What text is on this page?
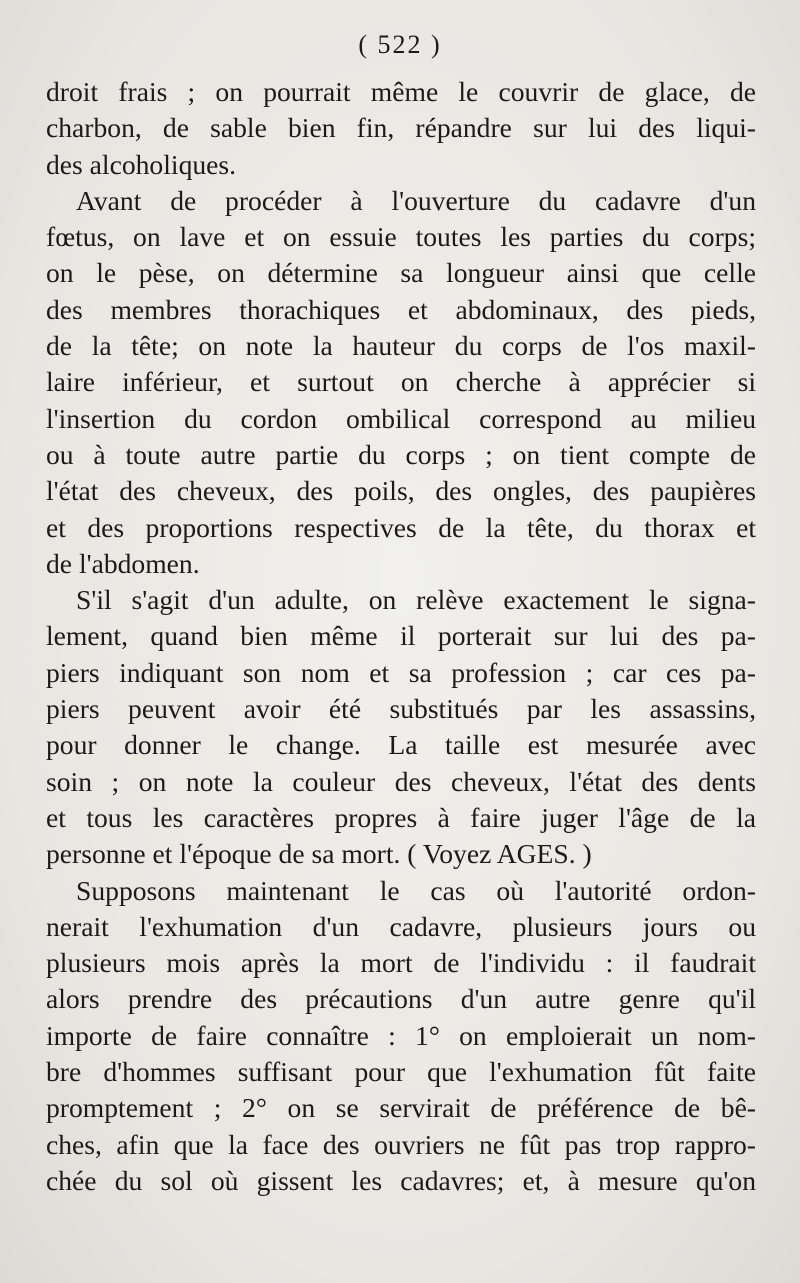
( 522 )
droit frais ; on pourrait même le couvrir de glace, de
charbon, de sable bien fin, répandre sur lui des liqui-
des alcoholiques.
Avant de procéder à l'ouverture du cadavre d'un
fœtus, on lave et on essuie toutes les parties du corps;
on le pèse, on détermine sa longueur ainsi que celle
des membres thorachiques et abdominaux, des pieds,
de la tête; on note la hauteur du corps de l'os maxil-
laire inférieur, et surtout on cherche à apprécier si
l'insertion du cordon ombilical correspond au milieu
ou à toute autre partie du corps ; on tient compte de
l'état des cheveux, des poils, des ongles, des paupières
et des proportions respectives de la tête, du thorax et
de l'abdomen.
S'il s'agit d'un adulte, on relève exactement le signa-
lement, quand bien même il porterait sur lui des pa-
piers indiquant son nom et sa profession ; car ces pa-
piers peuvent avoir été substitués par les assassins,
pour donner le change. La taille est mesurée avec
soin ; on note la couleur des cheveux, l'état des dents
et tous les caractères propres à faire juger l'âge de la
personne et l'époque de sa mort. ( Voyez AGES. )
Supposons maintenant le cas où l'autorité ordon-
nerait l'exhumation d'un cadavre, plusieurs jours ou
plusieurs mois après la mort de l'individu : il faudrait
alors prendre des précautions d'un autre genre qu'il
importe de faire connaître : 1° on emploierait un nom-
bre d'hommes suffisant pour que l'exhumation fût faite
promptement ; 2° on se servirait de préférence de bê-
ches, afin que la face des ouvriers ne fût pas trop rappro-
chée du sol où gissent les cadavres; et, à mesure qu'on
